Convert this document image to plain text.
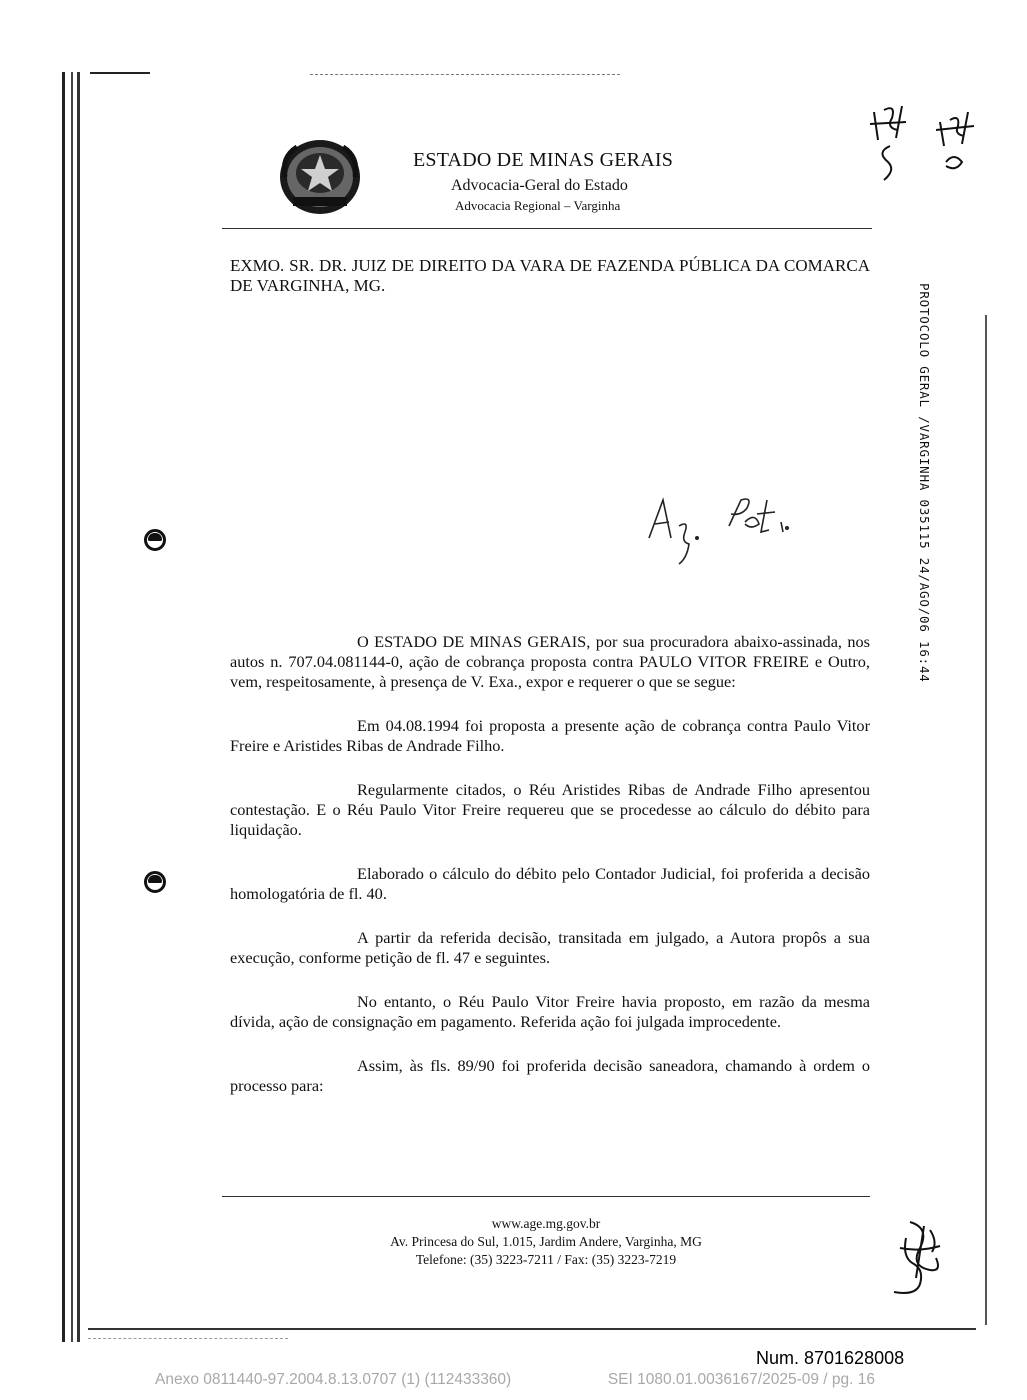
ESTADO DE MINAS GERAIS
Advocacia-Geral do Estado
Advocacia Regional – Varginha
127
EXMO. SR. DR. JUIZ DE DIREITO DA VARA DE FAZENDA PÚBLICA DA COMARCA DE VARGINHA, MG.	PROTOCOLO GERAL /VARGINHA 035115 24/AGO/06 16:44

O ESTADO DE MINAS GERAIS, por sua procuradora abaixo-assinada, nos autos n. 707.04.081144-0, ação de cobrança proposta contra PAULO VITOR FREIRE e Outro, vem, respeitosamente, à presença de V. Exa., expor e requerer o que se segue:

Em 04.08.1994 foi proposta a presente ação de cobrança contra Paulo Vitor Freire e Aristides Ribas de Andrade Filho.

Regularmente citados, o Réu Aristides Ribas de Andrade Filho apresentou contestação. E o Réu Paulo Vitor Freire requereu que se procedesse ao cálculo do débito para liquidação.

Elaborado o cálculo do débito pelo Contador Judicial, foi proferida a decisão homologatória de fl. 40.

A partir da referida decisão, transitada em julgado, a Autora propôs a sua execução, conforme petição de fl. 47 e seguintes.

No entanto, o Réu Paulo Vitor Freire havia proposto, em razão da mesma dívida, ação de consignação em pagamento. Referida ação foi julgada improcedente.

Assim, às fls. 89/90 foi proferida decisão saneadora, chamando à ordem o processo para:

www.age.mg.gov.br
Av. Princesa do Sul, 1.015, Jardim Andere, Varginha, MG
Telefone: (35) 3223-7211 / Fax: (35) 3223-7219
Num. 8701628008
Anexo 0811440-97.2004.8.13.0707 (1) (112433360)	SEI 1080.01.0036167/2025-09 / pg. 16
